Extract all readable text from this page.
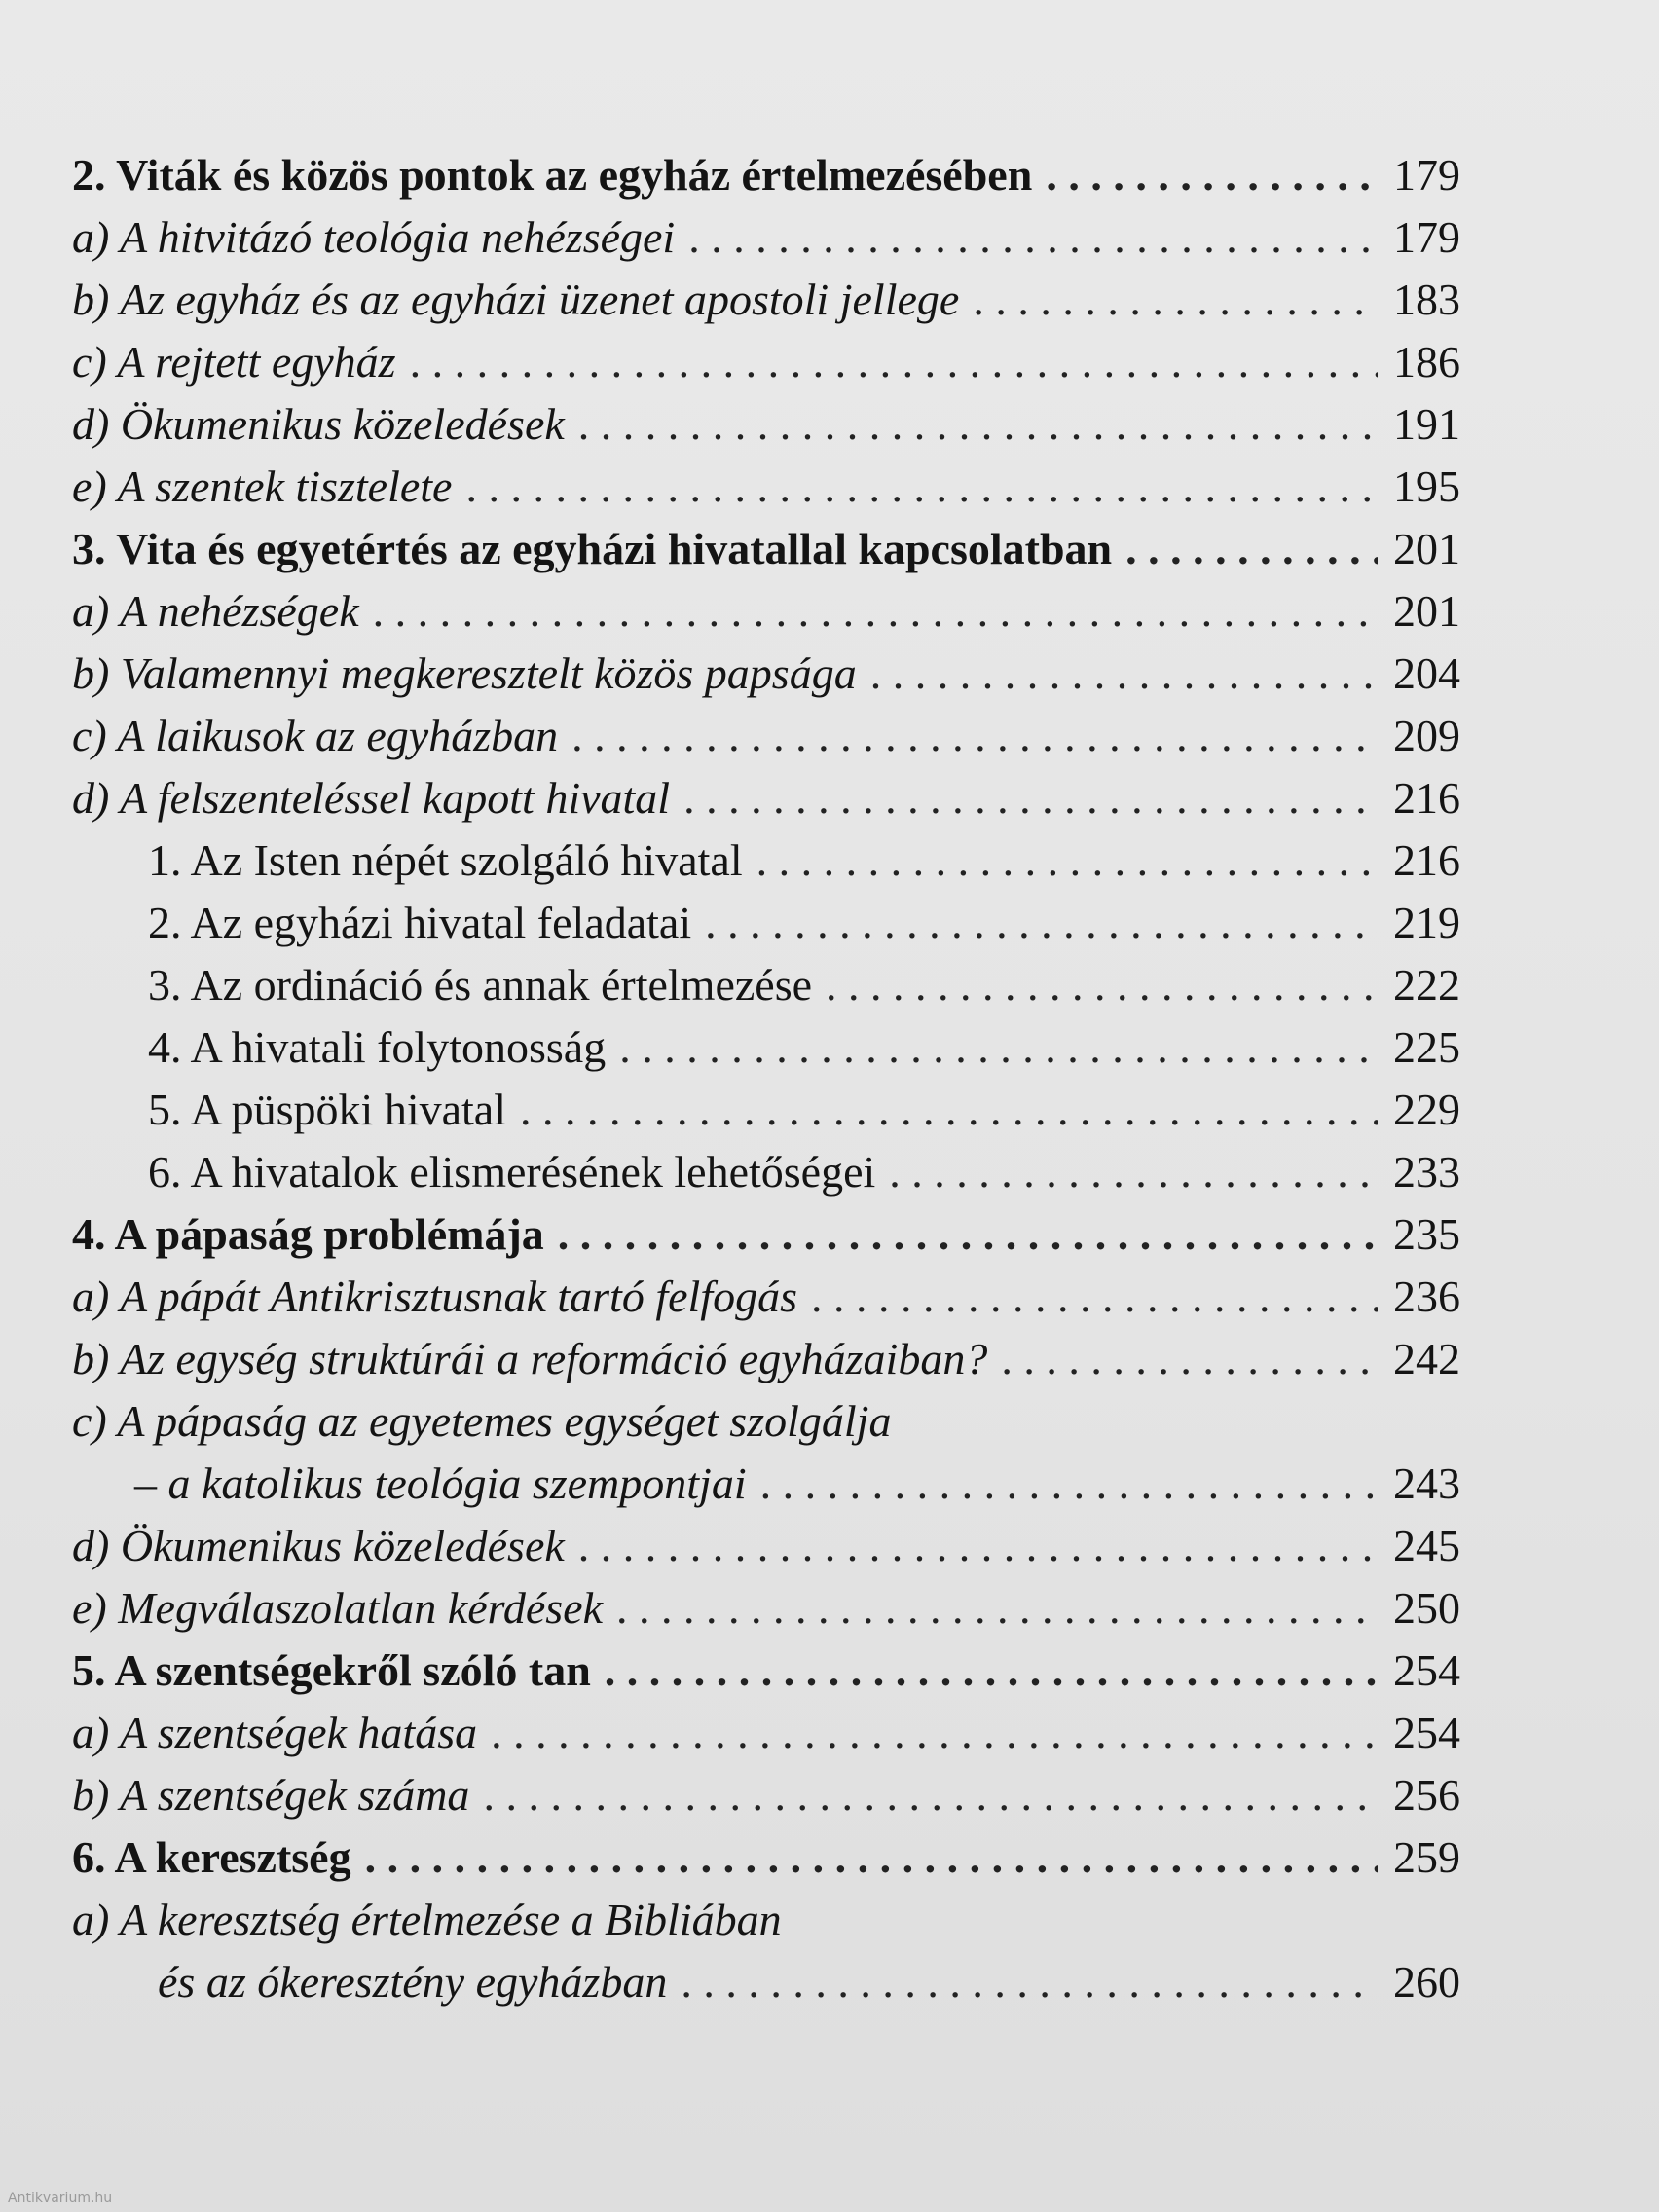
2. Viták és közös pontok az egyház értelmezésében . . .	179
a) A hitvitázó teológia nehézségei . . .	179
b) Az egyház és az egyházi üzenet apostoli jellege . . .	183
c) A rejtett egyház . . .	186
d) Ökumenikus közeledések . . .	191
e) A szentek tisztelete . . .	195
3. Vita és egyetértés az egyházi hivatallal kapcsolatban . . .	201
a) A nehézségek . . .	201
b) Valamennyi megkeresztelt közös papsága . . .	204
c) A laikusok az egyházban . . .	209
d) A felszenteléssel kapott hivatal . . .	216
1. Az Isten népét szolgáló hivatal . . .	216
2. Az egyházi hivatal feladatai . . .	219
3. Az ordináció és annak értelmezése . . .	222
4. A hivatali folytonosság . . .	225
5. A püspöki hivatal . . .	229
6. A hivatalok elismerésének lehetőségei . . .	233
4. A pápaság problémája . . .	235
a) A pápát Antikrisztusnak tartó felfogás . . .	236
b) Az egység struktúrái a reformáció egyházaiban? . . .	242
c) A pápaság az egyetemes egységet szolgálja
– a katolikus teológia szempontjai . . .	243
d) Ökumenikus közeledések . . .	245
e) Megválaszolatlan kérdések . . .	250
5. A szentségekről szóló tan . . .	254
a) A szentségek hatása . . .	254
b) A szentségek száma . . .	256
6. A keresztség . . .	259
a) A keresztség értelmezése a Bibliában
és az ókeresztény egyházban . . .	260
Antikvarium.hu
